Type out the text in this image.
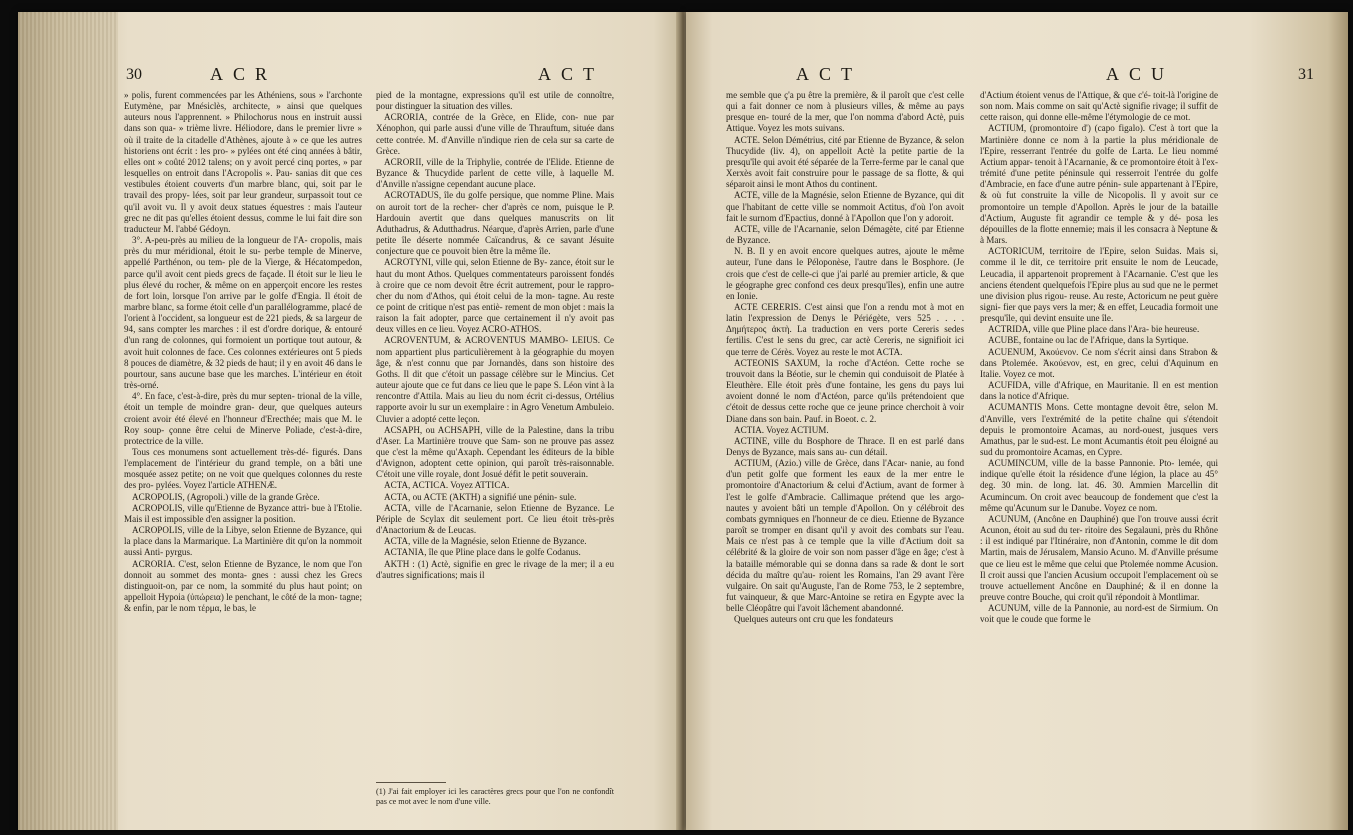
30	ACR	ACT

» polis, furent commencées par les Athéniens, sous » l'archonte Eutymène, par Mnésiclès, architecte, » ainsi que quelques auteurs nous l'apprennent. » Philochorus nous en instruit aussi dans son qua- » trième livre. Héliodore, dans le premier livre » où il traite de la citadelle d'Athènes, ajoute à » ce que les autres historiens ont écrit : les pro- » pylées ont été cinq années à bâtir, elles ont » coûté 2012 talens; on y avoit percé cinq portes, » par lesquelles on entroit dans l'Acropolis ». Pau- sanias dit que ces vestibules étoient couverts d'un marbre blanc, qui, soit par le travail des propy- lées, soit par leur grandeur, surpassoit tout ce qu'il avoit vu. Il y avoit deux statues équestres : mais l'auteur grec ne dit pas qu'elles étoient dessus, comme le lui fait dire son traducteur M. l'abbé Gédoyn.

3°. A-peu-près au milieu de la longueur de l'A- cropolis, mais près du mur méridional, étoit le su- perbe temple de Minerve, appellé Parthénon, ou tem- ple de la Vierge, & Hécatompedon, parce qu'il avoit cent pieds grecs de façade. Il étoit sur le lieu le plus élevé du rocher, & même on en apperçoit encore les restes de fort loin, lorsque l'on arrive par le golfe d'Engia. Il étoit de marbre blanc, sa forme étoit celle d'un parallélogramme, placé de l'orient à l'occident, sa longueur est de 221 pieds, & sa largeur de 94, sans compter les marches : il est d'ordre dorique, & entouré d'un rang de colonnes, qui formoient un portique tout autour, & avoit huit colonnes de face. Ces colonnes extérieures ont 5 pieds 8 pouces de diamètre, & 32 pieds de haut; il y en avoit 46 dans le pourtour, sans aucune base que les marches. L'intérieur en étoit très-orné.

4°. En face, c'est-à-dire, près du mur septen- trional de la ville, étoit un temple de moindre gran- deur, que quelques auteurs croient avoir été élevé en l'honneur d'Erecthée; mais que M. le Roy soup- çonne être celui de Minerve Poliade, c'est-à-dire, protectrice de la ville.

Tous ces monumens sont actuellement très-dé- figurés. Dans l'emplacement de l'intérieur du grand temple, on a bâti une mosquée assez petite; on ne voit que quelques colonnes du reste des pro- pylées. Voyez l'article ATHENÆ.

ACROPOLIS, (Agropoli.) ville de la grande Grèce.

ACROPOLIS, ville qu'Etienne de Byzance attri- bue à l'Etolie. Mais il est impossible d'en assigner la position.

ACROPOLIS, ville de la Libye, selon Etienne de Byzance, qui la place dans la Marmarique. La Martinière dit qu'on la nommoit aussi Anti- pyrgus.

ACRORIA. C'est, selon Etienne de Byzance, le nom que l'on donnoit au sommet des monta- gnes : aussi chez les Grecs distinguoit-on, par ce nom, la sommité du plus haut point; on appelloit Hypoia (ὑπώρεια) le penchant, le côté de la mon- tagne; & enfin, par le nom τέρμα, le bas, le

pied de la montagne, expressions qu'il est utile de connoître, pour distinguer la situation des villes.

ACRORIA, contrée de la Grèce, en Elide, con- nue par Xénophon, qui parle aussi d'une ville de Thrauftum, située dans cette contrée. M. d'Anville n'indique rien de cela sur sa carte de Grèce.

ACRORII, ville de la Triphylie, contrée de l'Elide. Etienne de Byzance & Thucydide parlent de cette ville, à laquelle M. d'Anville n'assigne cependant aucune place.

ACROTADUS, île du golfe persique, que nomme Pline. Mais on auroit tort de la recher- cher d'après ce nom, puisque le P. Hardouin avertit que dans quelques manuscrits on lit Aduthadrus, & Adutthadrus. Néarque, d'après Arrien, parle d'une petite île déserte nommée Caïcandrus, & ce savant Jésuite conjecture que ce pouvoit bien être la même île.

ACROTYNI, ville qui, selon Etienne de By- zance, étoit sur le haut du mont Athos. Quelques commentateurs paroissent fondés à croire que ce nom devoit être écrit autrement, pour le rappro- cher du nom d'Athos, qui étoit celui de la mon- tagne. Au reste ce point de critique n'est pas entiè- rement de mon objet : mais la raison la fait adopter, parce que certainement il n'y avoit pas deux villes en ce lieu. Voyez ACRO-ATHOS.

ACROVENTUM, & ACROVENTUS MAMBO- LEIUS. Ce nom appartient plus particulièrement à la géographie du moyen âge, & n'est connu que par Jornandès, dans son histoire des Goths. Il dit que c'étoit un passage célèbre sur le Mincius. Cet auteur ajoute que ce fut dans ce lieu que le pape S. Léon vint à la rencontre d'Attila. Mais au lieu du nom écrit ci-dessus, Ortélius rapporte avoir lu sur un exemplaire : in Agro Venetum Ambuleio. Cluvier a adopté cette leçon.

ACSAPH, ou ACHSAPH, ville de la Palestine, dans la tribu d'Aser. La Martinière trouve que Sam- son ne prouve pas assez que c'est la même qu'Axaph. Cependant les éditeurs de la bible d'Avignon, adoptent cette opinion, qui paroît très-raisonnable. C'étoit une ville royale, dont Josué défit le petit souverain.

ACTA, ACTICA. Voyez ATTICA.

ACTA, ou ACTE (ἈΚΤΗ) a signifié une pénin- sule.

ACTA, ville de l'Acarnanie, selon Etienne de Byzance. Le Périple de Scylax dit seulement port. Ce lieu étoit très-près d'Anactorium & de Leucas.

ACTA, ville de la Magnésie, selon Etienne de Byzance.

ACTANIA, île que Pline place dans le golfe Codanus.

AKTH : (1) Actè, signifie en grec le rivage de la mer; il a eu d'autres significations; mais il

(1) J'ai fait employer ici les caractères grecs pour que l'on ne confondît pas ce mot avec le nom d'une ville.
ACT	ACU	31

me semble que ç'a pu être la première, & il paroît que c'est celle qui a fait donner ce nom à plusieurs villes, & même au pays presque en- touré de la mer, que l'on nomma d'abord Actè, puis Attique. Voyez les mots suivans.

ACTE. Selon Démétrius, cité par Etienne de Byzance, & selon Thucydide (liv. 4), on appelloit Actè la petite partie de la presqu'île qui avoit été séparée de la Terre-ferme par le canal que Xerxès avoit fait construire pour le passage de sa flotte, & qui séparoit ainsi le mont Athos du continent.

ACTE, ville de la Magnésie, selon Etienne de Byzance, qui dit que l'habitant de cette ville se nommoit Actitus, d'où l'on avoit fait le surnom d'Epactius, donné à l'Apollon que l'on y adoroit.

ACTE, ville de l'Acarnanie, selon Démagète, cité par Etienne de Byzance.

N. B. Il y en avoit encore quelques autres, ajoute le même auteur, l'une dans le Péloponèse, l'autre dans le Bosphore. (Je crois que c'est de celle-ci que j'ai parlé au premier article, & que le géographe grec confond ces deux presqu'îles), enfin une autre en Ionie.

ACTE CERERIS. C'est ainsi que l'on a rendu mot à mot en latin l'expression de Denys le Périégète, vers 525 . . . . Δημήτερος ἀκτὴ. La traduction en vers porte Cereris sedes fertilis. C'est le sens du grec, car actè Cereris, ne signifioit ici que terre de Cérès. Voyez au reste le mot ACTA.

ACTEONIS SAXUM, la roche d'Actéon. Cette roche se trouvoit dans la Béotie, sur le chemin qui conduisoit de Platée à Eleuthère. Elle étoit près d'une fontaine, les gens du pays lui avoient donné le nom d'Actéon, parce qu'ils prétendoient que c'étoit de dessus cette roche que ce jeune prince cherchoit à voir Diane dans son bain. Pauf. in Boeot. c. 2.

ACTIA. Voyez ACTIUM.

ACTINE, ville du Bosphore de Thrace. Il en est parlé dans Denys de Byzance, mais sans au- cun détail.

ACTIUM, (Azio.) ville de Grèce, dans l'Acar- nanie, au fond d'un petit golfe que forment les eaux de la mer entre le promontoire d'Anactorium & celui d'Actium, avant de former à l'est le golfe d'Ambracie. Callimaque prétend que les argo- nautes y avoient bâti un temple d'Apollon. On y célébroit des combats gymniques en l'honneur de ce dieu. Etienne de Byzance paroît se tromper en disant qu'il y avoit des combats sur l'eau. Mais ce n'est pas à ce temple que la ville d'Actium doit sa célébrité & la gloire de voir son nom passer d'âge en âge; c'est à la bataille mémorable qui se donna dans sa rade & dont le sort décida du maître qu'au- roient les Romains, l'an 29 avant l'ère vulgaire. On sait qu'Auguste, l'an de Rome 753, le 2 septembre, fut vainqueur, & que Marc-Antoine se retira en Egypte avec la belle Cléopâtre qui l'avoit lâchement abandonné.

Quelques auteurs ont cru que les fondateurs

d'Actium étoient venus de l'Attique, & que c'é- toit-là l'origine de son nom. Mais comme on sait qu'Actè signifie rivage; il suffit de cette raison, qui donne elle-même l'étymologie de ce mot.

ACTIUM, (promontoire d') (capo figalo). C'est à tort que la Martinière donne ce nom à la partie la plus méridionale de l'Epire, resserrant l'entrée du golfe de Larta. Le lieu nommé Actium appar- tenoit à l'Acarnanie, & ce promontoire étoit à l'ex- trémité d'une petite péninsule qui resserroit l'entrée du golfe d'Ambracie, en face d'une autre pénin- sule appartenant à l'Epire, & où fut construite la ville de Nicopolis. Il y avoit sur ce promontoire un temple d'Apollon. Après le jour de la bataille d'Actium, Auguste fit agrandir ce temple & y dé- posa les dépouilles de la flotte ennemie; mais il les consacra à Neptune & à Mars.

ACTORICUM, territoire de l'Epire, selon Suidas. Mais si, comme il le dit, ce territoire prit ensuite le nom de Leucade, Leucadia, il appartenoit proprement à l'Acarnanie. C'est que les anciens étendent quelquefois l'Epire plus au sud que ne le permet une division plus rigou- reuse. Au reste, Actoricum ne peut guère signi- fier que pays vers la mer; & en effet, Leucadia formoit une presqu'île, qui devint ensuite une île.

ACTRIDA, ville que Pline place dans l'Ara- bie heureuse.

ACUBE, fontaine ou lac de l'Afrique, dans la Syrtique.

ACUENUM, Ἀκούενον. Ce nom s'écrit ainsi dans Strabon & dans Ptolemée. Ἀκούενον, est, en grec, celui d'Aquinum en Italie. Voyez ce mot.

ACUFIDA, ville d'Afrique, en Mauritanie. Il en est mention dans la notice d'Afrique.

ACUMANTIS Mons. Cette montagne devoit être, selon M. d'Anville, vers l'extrémité de la petite chaîne qui s'étendoit depuis le promontoire Acamas, au nord-ouest, jusques vers Amathus, par le sud-est. Le mont Acumantis étoit peu éloigné au sud du promontoire Acamas, en Cypre.

ACUMINCUM, ville de la basse Pannonie. Pto- lemée, qui indique qu'elle étoit la résidence d'une légion, la place au 45° deg. 30 min. de long. lat. 46. 30. Ammien Marcellin dit Acumincum. On croit avec beaucoup de fondement que c'est la même qu'Acunum sur le Danube. Voyez ce nom.

ACUNUM, (Ancône en Dauphiné) que l'on trouve aussi écrit Acunon, étoit au sud du ter- ritoire des Segalauni, près du Rhône : il est indiqué par l'Itinéraire, non d'Antonin, comme le dit dom Martin, mais de Jérusalem, Mansio Acuno. M. d'Anville présume que ce lieu est le même que celui que Ptolemée nomme Acusion. Il croit aussi que l'ancien Acusium occupoit l'emplacement où se trouve actuellement Ancône en Dauphiné; & il en donne la preuve contre Bouche, qui croit qu'il répondoit à Montlimar.

ACUNUM, ville de la Pannonie, au nord-est de Sirmium. On voit que le coude que forme le
